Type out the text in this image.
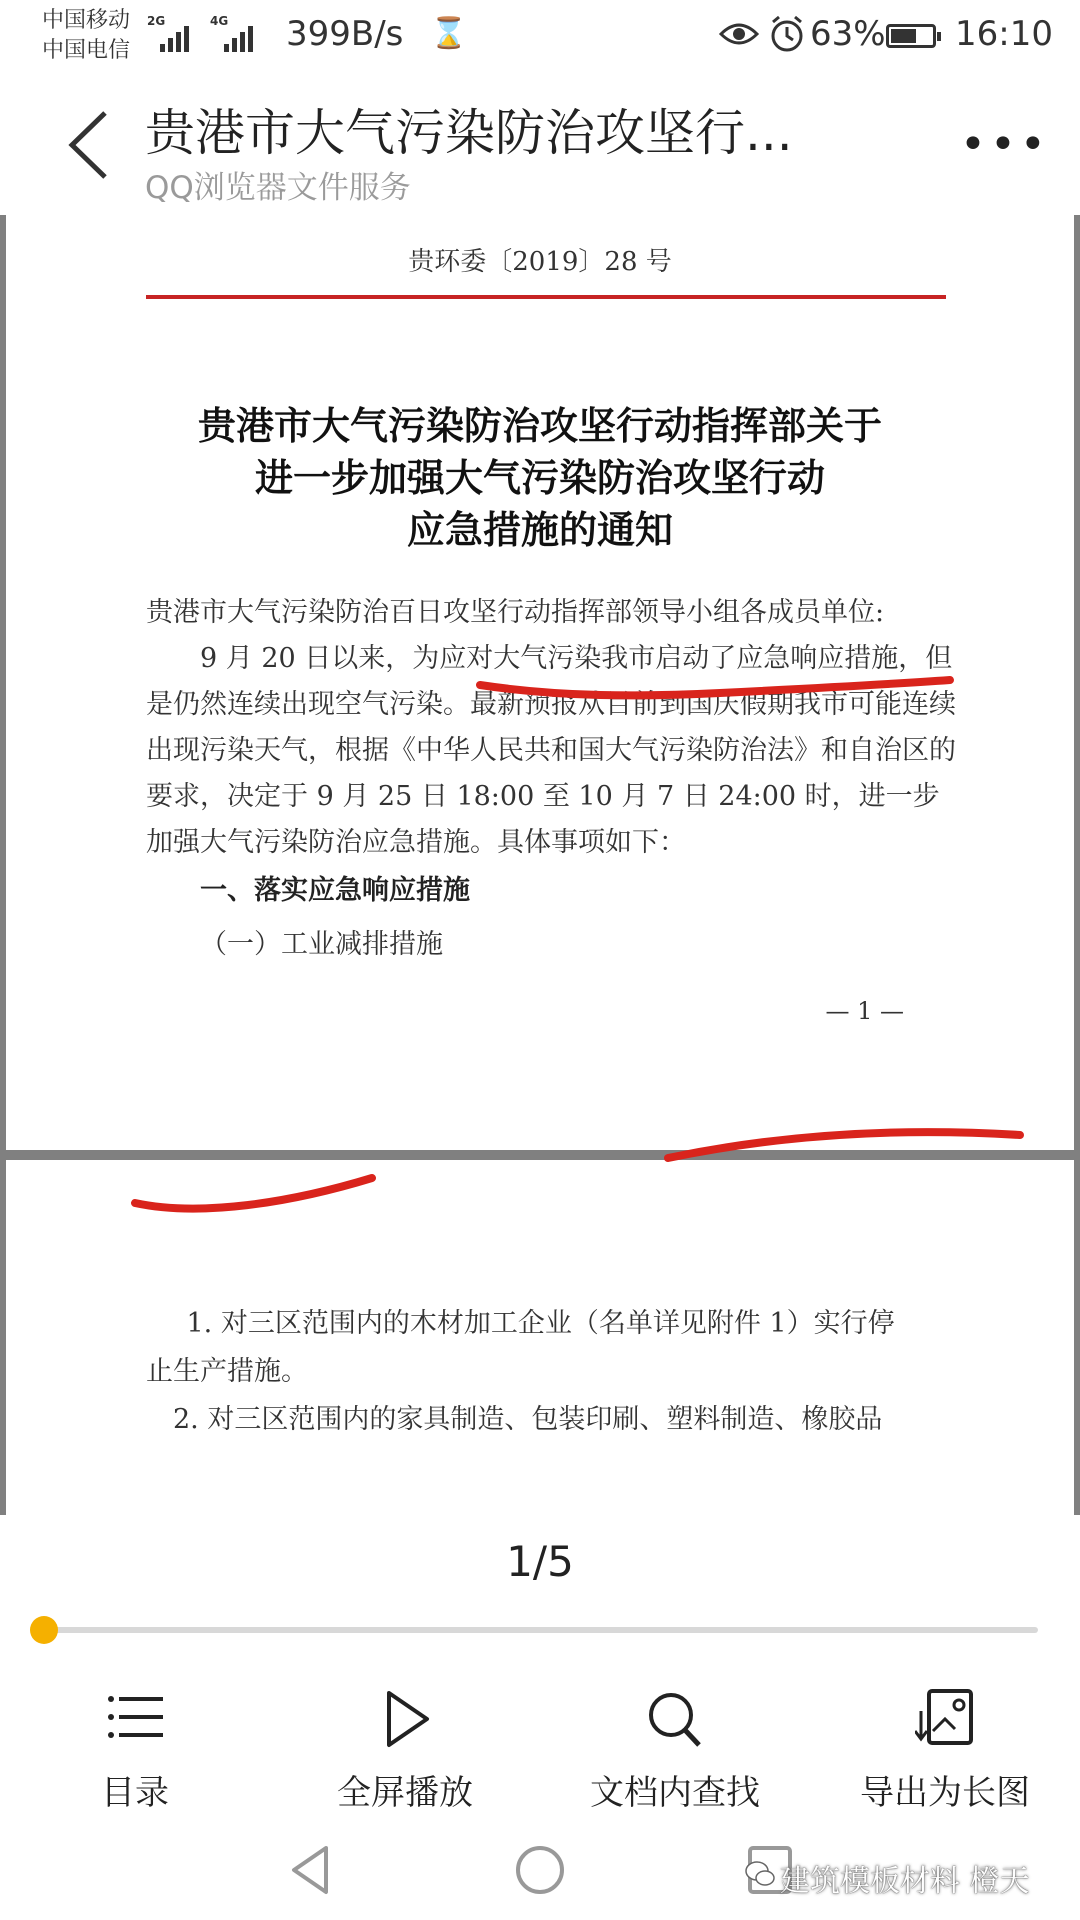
中国移动
中国电信
2G	4G 399B/s ⌛	63% 16:10
贵港市大气污染防治攻坚行...
QQ浏览器文件服务
•••
贵环委〔2019〕28 号
贵港市大气污染防治攻坚行动指挥部关于
进一步加强大气污染防治攻坚行动
应急措施的通知
贵港市大气污染防治百日攻坚行动指挥部领导小组各成员单位:
9 月 20 日以来，为应对大气污染我市启动了应急响应措施，但是仍然连续出现空气污染。最新预报从目前到国庆假期我市可能连续出现污染天气，根据《中华人民共和国大气污染防治法》和自治区的要求，决定于 9 月 25 日 18:00 至 10 月 7 日 24:00 时，进一步加强大气污染防治应急措施。具体事项如下：
一、落实应急响应措施
（一）工业减排措施
— 1 —
1. 对三区范围内的木材加工企业（名单详见附件 1）实行停
止生产措施。
2. 对三区范围内的家具制造、包装印刷、塑料制造、橡胶品
1/5
目录	全屏播放	文档内查找	导出为长图
建筑模板材料 橙天
